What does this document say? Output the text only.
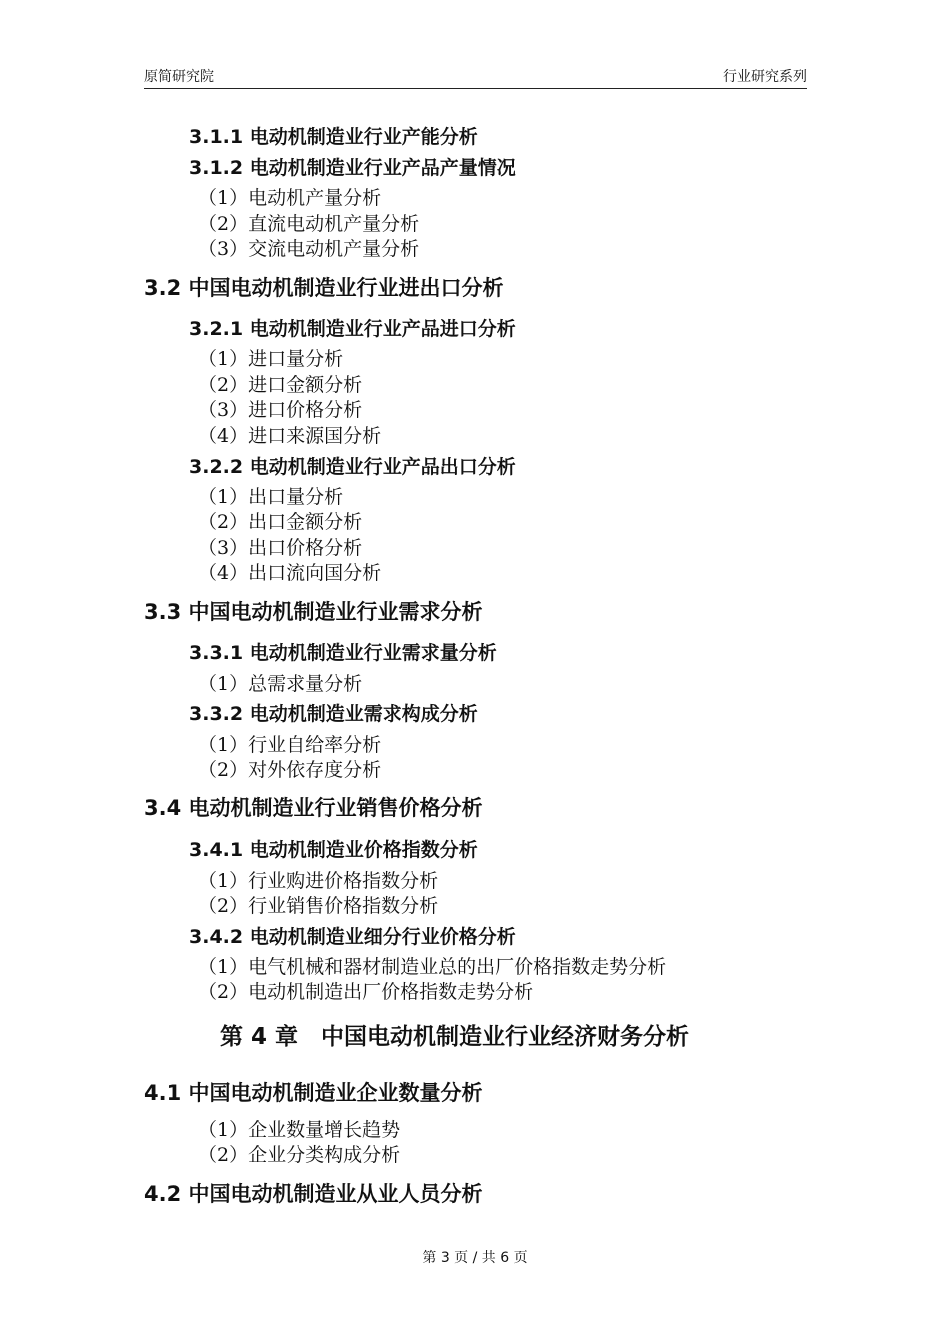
原简研究院	行业研究系列
3.1.1 电动机制造业行业产能分析
3.1.2 电动机制造业行业产品产量情况
（1）电动机产量分析
（2）直流电动机产量分析
（3）交流电动机产量分析
3.2 中国电动机制造业行业进出口分析
3.2.1 电动机制造业行业产品进口分析
（1）进口量分析
（2）进口金额分析
（3）进口价格分析
（4）进口来源国分析
3.2.2 电动机制造业行业产品出口分析
（1）出口量分析
（2）出口金额分析
（3）出口价格分析
（4）出口流向国分析
3.3 中国电动机制造业行业需求分析
3.3.1 电动机制造业行业需求量分析
（1）总需求量分析
3.3.2 电动机制造业需求构成分析
（1）行业自给率分析
（2）对外依存度分析
3.4 电动机制造业行业销售价格分析
3.4.1 电动机制造业价格指数分析
（1）行业购进价格指数分析
（2）行业销售价格指数分析
3.4.2 电动机制造业细分行业价格分析
（1）电气机械和器材制造业总的出厂价格指数走势分析
（2）电动机制造出厂价格指数走势分析
第 4 章　中国电动机制造业行业经济财务分析
4.1 中国电动机制造业企业数量分析
（1）企业数量增长趋势
（2）企业分类构成分析
4.2 中国电动机制造业从业人员分析
第 3 页 / 共 6 页
